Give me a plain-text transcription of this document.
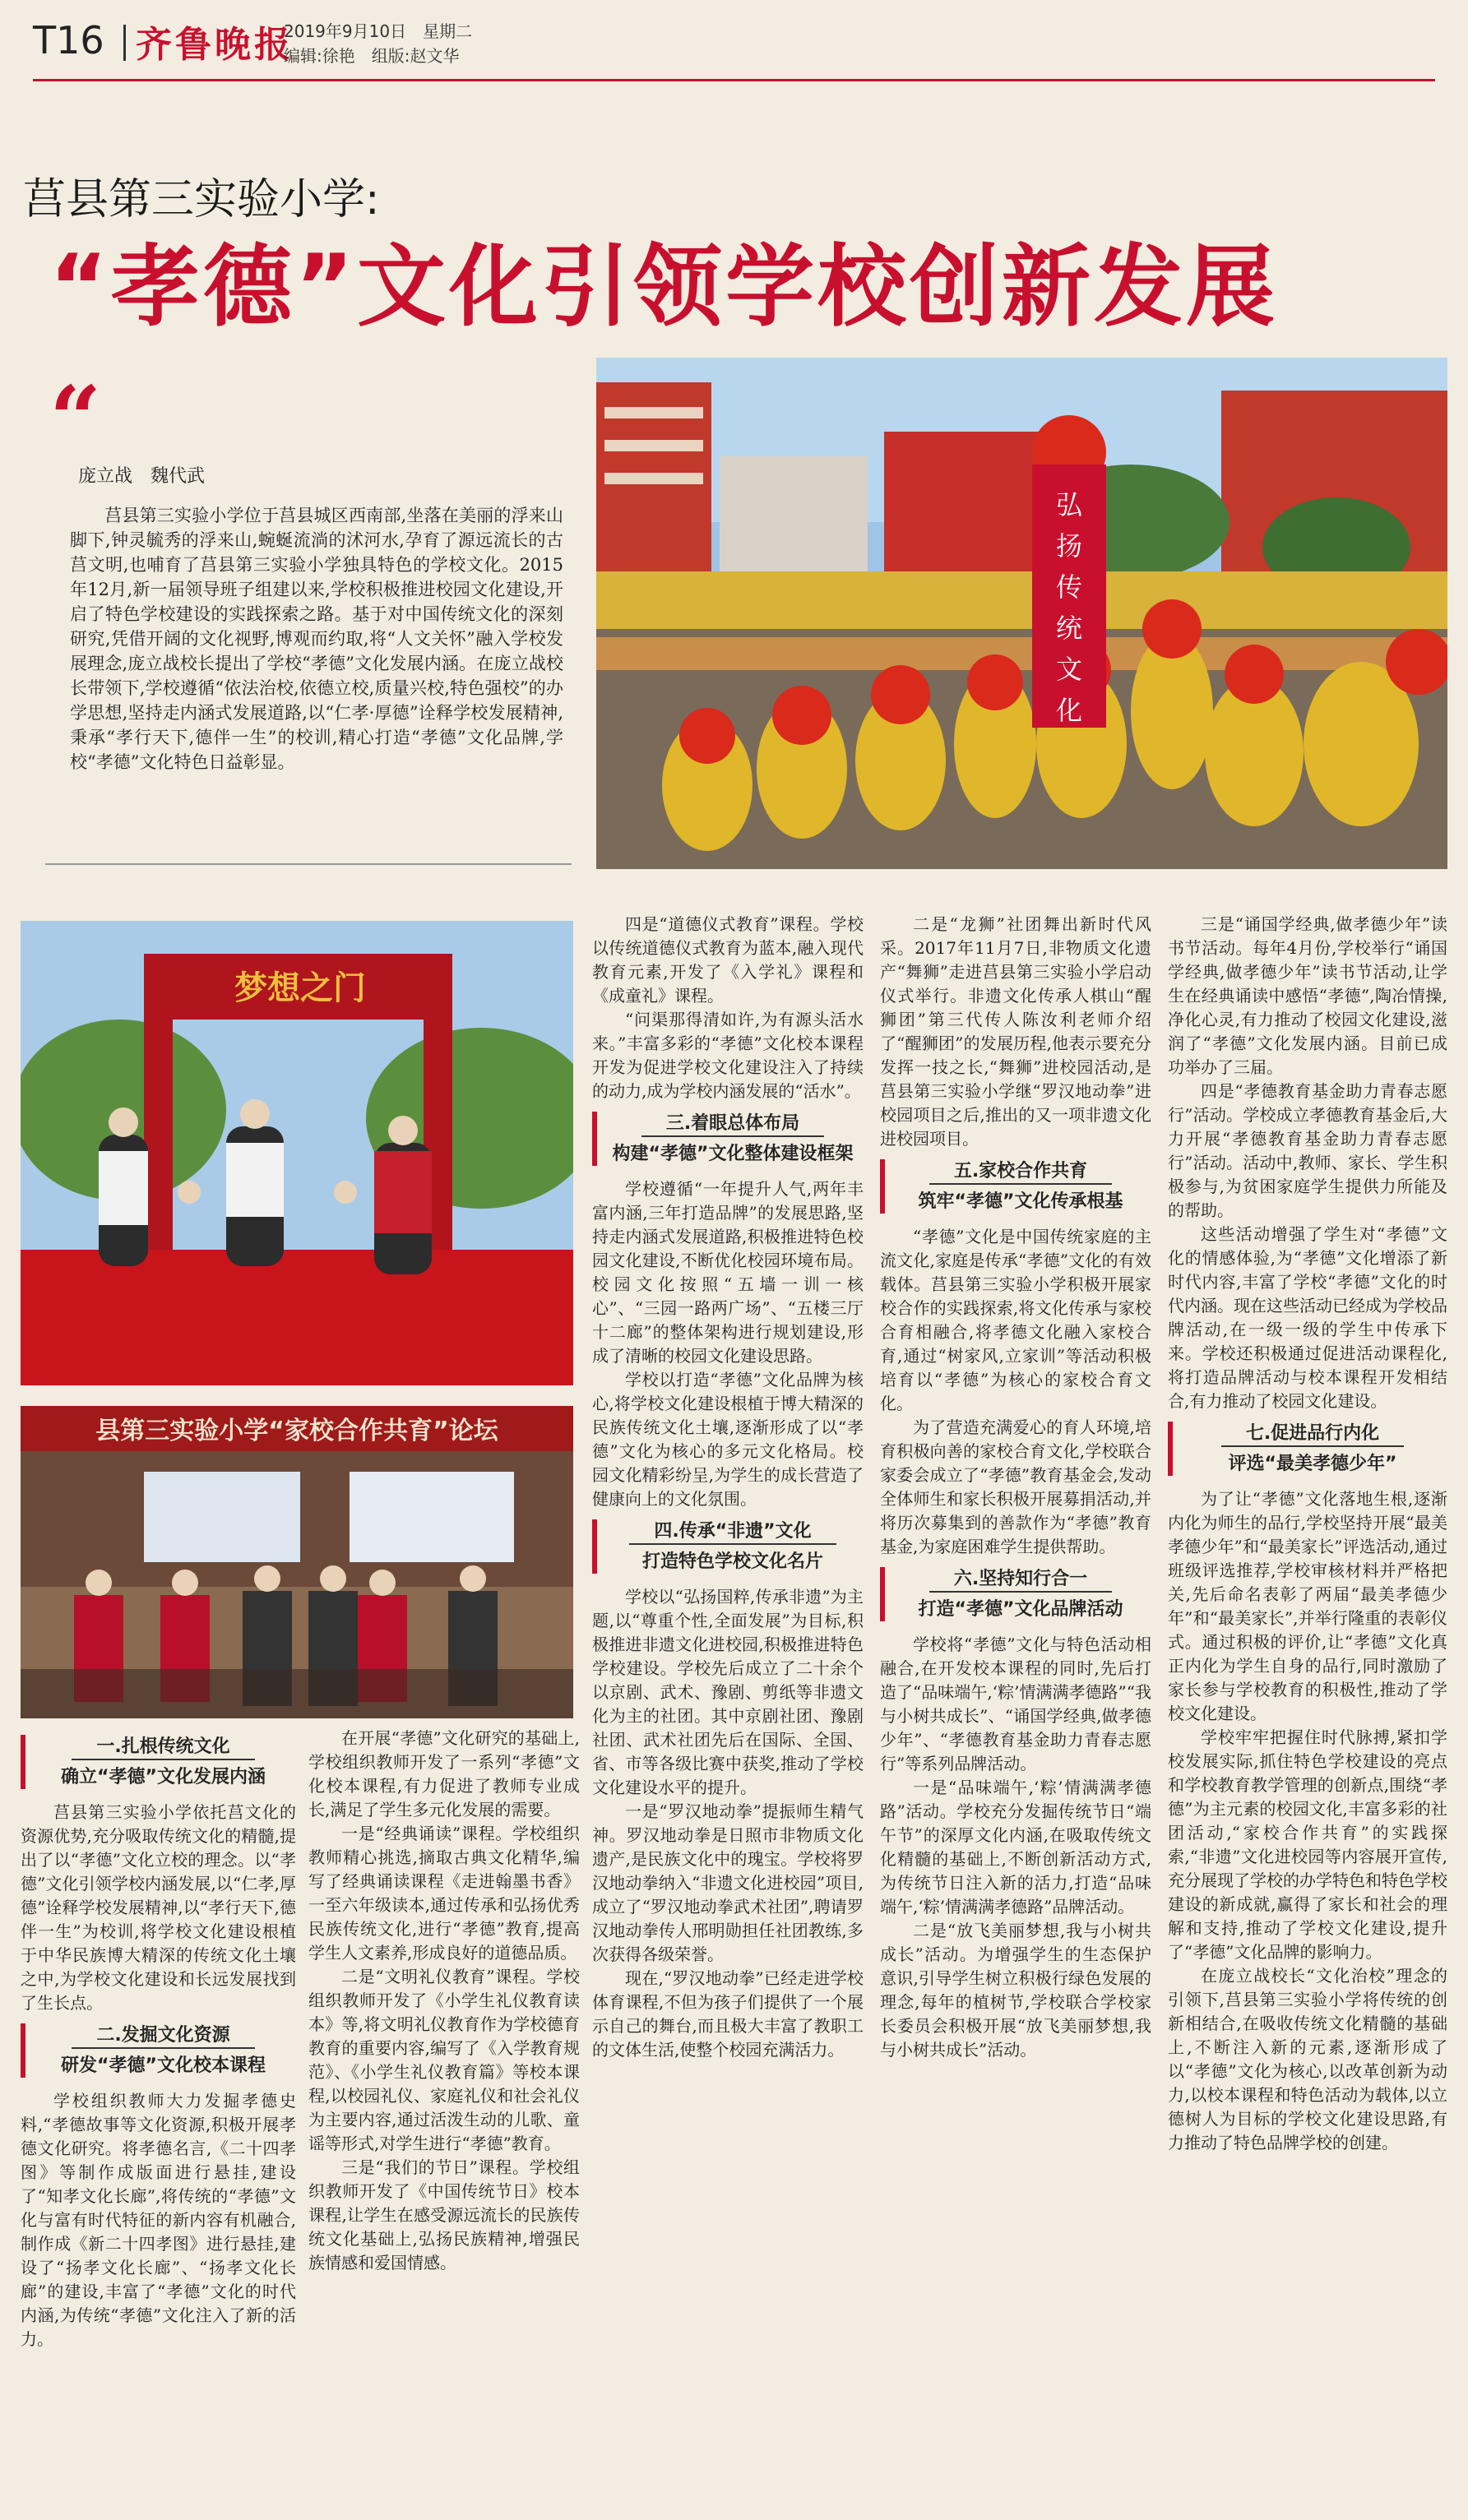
T16 齐鲁晚报
2019年9月10日　星期二
编辑:徐艳　组版:赵文华
莒县第三实验小学:
“孝德”文化引领学校创新发展
“
庞立战　魏代武
莒县第三实验小学位于莒县城区西南部,坐落在美丽的浮来山脚下,钟灵毓秀的浮来山,蜿蜒流淌的沭河水,孕育了源远流长的古莒文明,也哺育了莒县第三实验小学独具特色的学校文化。2015年12月,新一届领导班子组建以来,学校积极推进校园文化建设,开启了特色学校建设的实践探索之路。基于对中国传统文化的深刻研究,凭借开阔的文化视野,博观而约取,将“人文关怀”融入学校发展理念,庞立战校长提出了学校“孝德”文化发展内涵。在庞立战校长带领下,学校遵循“依法治校,依德立校,质量兴校,特色强校”的办学思想,坚持走内涵式发展道路,以“仁孝·厚德”诠释学校发展精神,秉承“孝行天下,德伴一生”的校训,精心打造“孝德”文化品牌,学校“孝德”文化特色日益彰显。
弘
扬
传
统
文
化
梦想之门
县第三实验小学“家校合作共育”论坛
一.扎根传统文化
确立“孝德”文化发展内涵

莒县第三实验小学依托莒文化的资源优势,充分吸取传统文化的精髓,提出了以“孝德”文化立校的理念。以“孝德”文化引领学校内涵发展,以“仁孝,厚德”诠释学校发展精神,以“孝行天下,德伴一生”为校训,将学校文化建设根植于中华民族博大精深的传统文化土壤之中,为学校文化建设和长远发展找到了生长点。

二.发掘文化资源
研发“孝德”文化校本课程

学校组织教师大力发掘孝德史料,“孝德故事等文化资源,积极开展孝德文化研究。将孝德名言,《二十四孝图》等制作成版面进行悬挂,建设了“知孝文化长廊”,将传统的“孝德”文化与富有时代特征的新内容有机融合,制作成《新二十四孝图》进行悬挂,建设了“扬孝文化长廊”、“扬孝文化长廊”的建设,丰富了“孝德”文化的时代内涵,为传统“孝德”文化注入了新的活力。

在开展“孝德”文化研究的基础上,学校组织教师开发了一系列“孝德”文化校本课程,有力促进了教师专业成长,满足了学生多元化发展的需要。

一是“经典诵读”课程。学校组织教师精心挑选,摘取古典文化精华,编写了经典诵读课程《走进翰墨书香》一至六年级读本,通过传承和弘扬优秀民族传统文化,进行“孝德”教育,提高学生人文素养,形成良好的道德品质。

二是“文明礼仪教育”课程。学校组织教师开发了《小学生礼仪教育读本》等,将文明礼仪教育作为学校德育教育的重要内容,编写了《入学教育规范》、《小学生礼仪教育篇》等校本课程,以校园礼仪、家庭礼仪和社会礼仪为主要内容,通过活泼生动的儿歌、童谣等形式,对学生进行“孝德”教育。

三是“我们的节日”课程。学校组织教师开发了《中国传统节日》校本课程,让学生在感受源远流长的民族传统文化基础上,弘扬民族精神,增强民族情感和爱国情感。

四是“道德仪式教育”课程。学校以传统道德仪式教育为蓝本,融入现代教育元素,开发了《入学礼》课程和《成童礼》课程。

“问渠那得清如许,为有源头活水来。”丰富多彩的“孝德”文化校本课程开发为促进学校文化建设注入了持续的动力,成为学校内涵发展的“活水”。

三.着眼总体布局
构建“孝德”文化整体建设框架

学校遵循“一年提升人气,两年丰富内涵,三年打造品牌”的发展思路,坚持走内涵式发展道路,积极推进特色校园文化建设,不断优化校园环境布局。校园文化按照“五墙一训一核心”、“三园一路两广场”、“五楼三厅十二廊”的整体架构进行规划建设,形成了清晰的校园文化建设思路。

学校以打造“孝德”文化品牌为核心,将学校文化建设根植于博大精深的民族传统文化土壤,逐渐形成了以“孝德”文化为核心的多元文化格局。校园文化精彩纷呈,为学生的成长营造了健康向上的文化氛围。

四.传承“非遗”文化
打造特色学校文化名片

学校以“弘扬国粹,传承非遗”为主题,以“尊重个性,全面发展”为目标,积极推进非遗文化进校园,积极推进特色学校建设。学校先后成立了二十余个以京剧、武术、豫剧、剪纸等非遗文化为主的社团。其中京剧社团、豫剧社团、武术社团先后在国际、全国、省、市等各级比赛中获奖,推动了学校文化建设水平的提升。

一是“罗汉地动拳”提振师生精气神。罗汉地动拳是日照市非物质文化遗产,是民族文化中的瑰宝。学校将罗汉地动拳纳入“非遗文化进校园”项目,成立了“罗汉地动拳武术社团”,聘请罗汉地动拳传人邢明勋担任社团教练,多次获得各级荣誉。

现在,“罗汉地动拳”已经走进学校体育课程,不但为孩子们提供了一个展示自己的舞台,而且极大丰富了教职工的文体生活,使整个校园充满活力。

二是“龙狮”社团舞出新时代风采。2017年11月7日,非物质文化遗产“舞狮”走进莒县第三实验小学启动仪式举行。非遗文化传承人棋山“醒狮团”第三代传人陈汝利老师介绍了“醒狮团”的发展历程,他表示要充分发挥一技之长,“舞狮”进校园活动,是莒县第三实验小学继“罗汉地动拳”进校园项目之后,推出的又一项非遗文化进校园项目。

五.家校合作共育
筑牢“孝德”文化传承根基

“孝德”文化是中国传统家庭的主流文化,家庭是传承“孝德”文化的有效载体。莒县第三实验小学积极开展家校合作的实践探索,将文化传承与家校合育相融合,将孝德文化融入家校合育,通过“树家风,立家训”等活动积极培育以“孝德”为核心的家校合育文化。

为了营造充满爱心的育人环境,培育积极向善的家校合育文化,学校联合家委会成立了“孝德”教育基金会,发动全体师生和家长积极开展募捐活动,并将历次募集到的善款作为“孝德”教育基金,为家庭困难学生提供帮助。

六.坚持知行合一
打造“孝德”文化品牌活动

学校将“孝德”文化与特色活动相融合,在开发校本课程的同时,先后打造了“品味端午,‘粽’情满满孝德路”“我与小树共成长”、“诵国学经典,做孝德少年”、“孝德教育基金助力青春志愿行”等系列品牌活动。

一是“品味端午,‘粽’情满满孝德路”活动。学校充分发掘传统节日“端午节”的深厚文化内涵,在吸取传统文化精髓的基础上,不断创新活动方式,为传统节日注入新的活力,打造“品味端午,‘粽’情满满孝德路”品牌活动。

二是“放飞美丽梦想,我与小树共成长”活动。为增强学生的生态保护意识,引导学生树立积极行绿色发展的理念,每年的植树节,学校联合学校家长委员会积极开展“放飞美丽梦想,我与小树共成长”活动。

三是“诵国学经典,做孝德少年”读书节活动。每年4月份,学校举行“诵国学经典,做孝德少年”读书节活动,让学生在经典诵读中感悟“孝德”,陶冶情操,净化心灵,有力推动了校园文化建设,滋润了“孝德”文化发展内涵。目前已成功举办了三届。

四是“孝德教育基金助力青春志愿行”活动。学校成立孝德教育基金后,大力开展“孝德教育基金助力青春志愿行”活动。活动中,教师、家长、学生积极参与,为贫困家庭学生提供力所能及的帮助。

这些活动增强了学生对“孝德”文化的情感体验,为“孝德”文化增添了新时代内容,丰富了学校“孝德”文化的时代内涵。现在这些活动已经成为学校品牌活动,在一级一级的学生中传承下来。学校还积极通过促进活动课程化,将打造品牌活动与校本课程开发相结合,有力推动了校园文化建设。

七.促进品行内化
评选“最美孝德少年”

为了让“孝德”文化落地生根,逐渐内化为师生的品行,学校坚持开展“最美孝德少年”和“最美家长”评选活动,通过班级评选推荐,学校审核材料并严格把关,先后命名表彰了两届“最美孝德少年”和“最美家长”,并举行隆重的表彰仪式。通过积极的评价,让“孝德”文化真正内化为学生自身的品行,同时激励了家长参与学校教育的积极性,推动了学校文化建设。

学校牢牢把握住时代脉搏,紧扣学校发展实际,抓住特色学校建设的亮点和学校教育教学管理的创新点,围绕“孝德”为主元素的校园文化,丰富多彩的社团活动,“家校合作共育”的实践探索,“非遗”文化进校园等内容展开宣传,充分展现了学校的办学特色和特色学校建设的新成就,赢得了家长和社会的理解和支持,推动了学校文化建设,提升了“孝德”文化品牌的影响力。

在庞立战校长“文化治校”理念的引领下,莒县第三实验小学将传统的创新相结合,在吸收传统文化精髓的基础上,不断注入新的元素,逐渐形成了以“孝德”文化为核心,以改革创新为动力,以校本课程和特色活动为载体,以立德树人为目标的学校文化建设思路,有力推动了特色品牌学校的创建。
